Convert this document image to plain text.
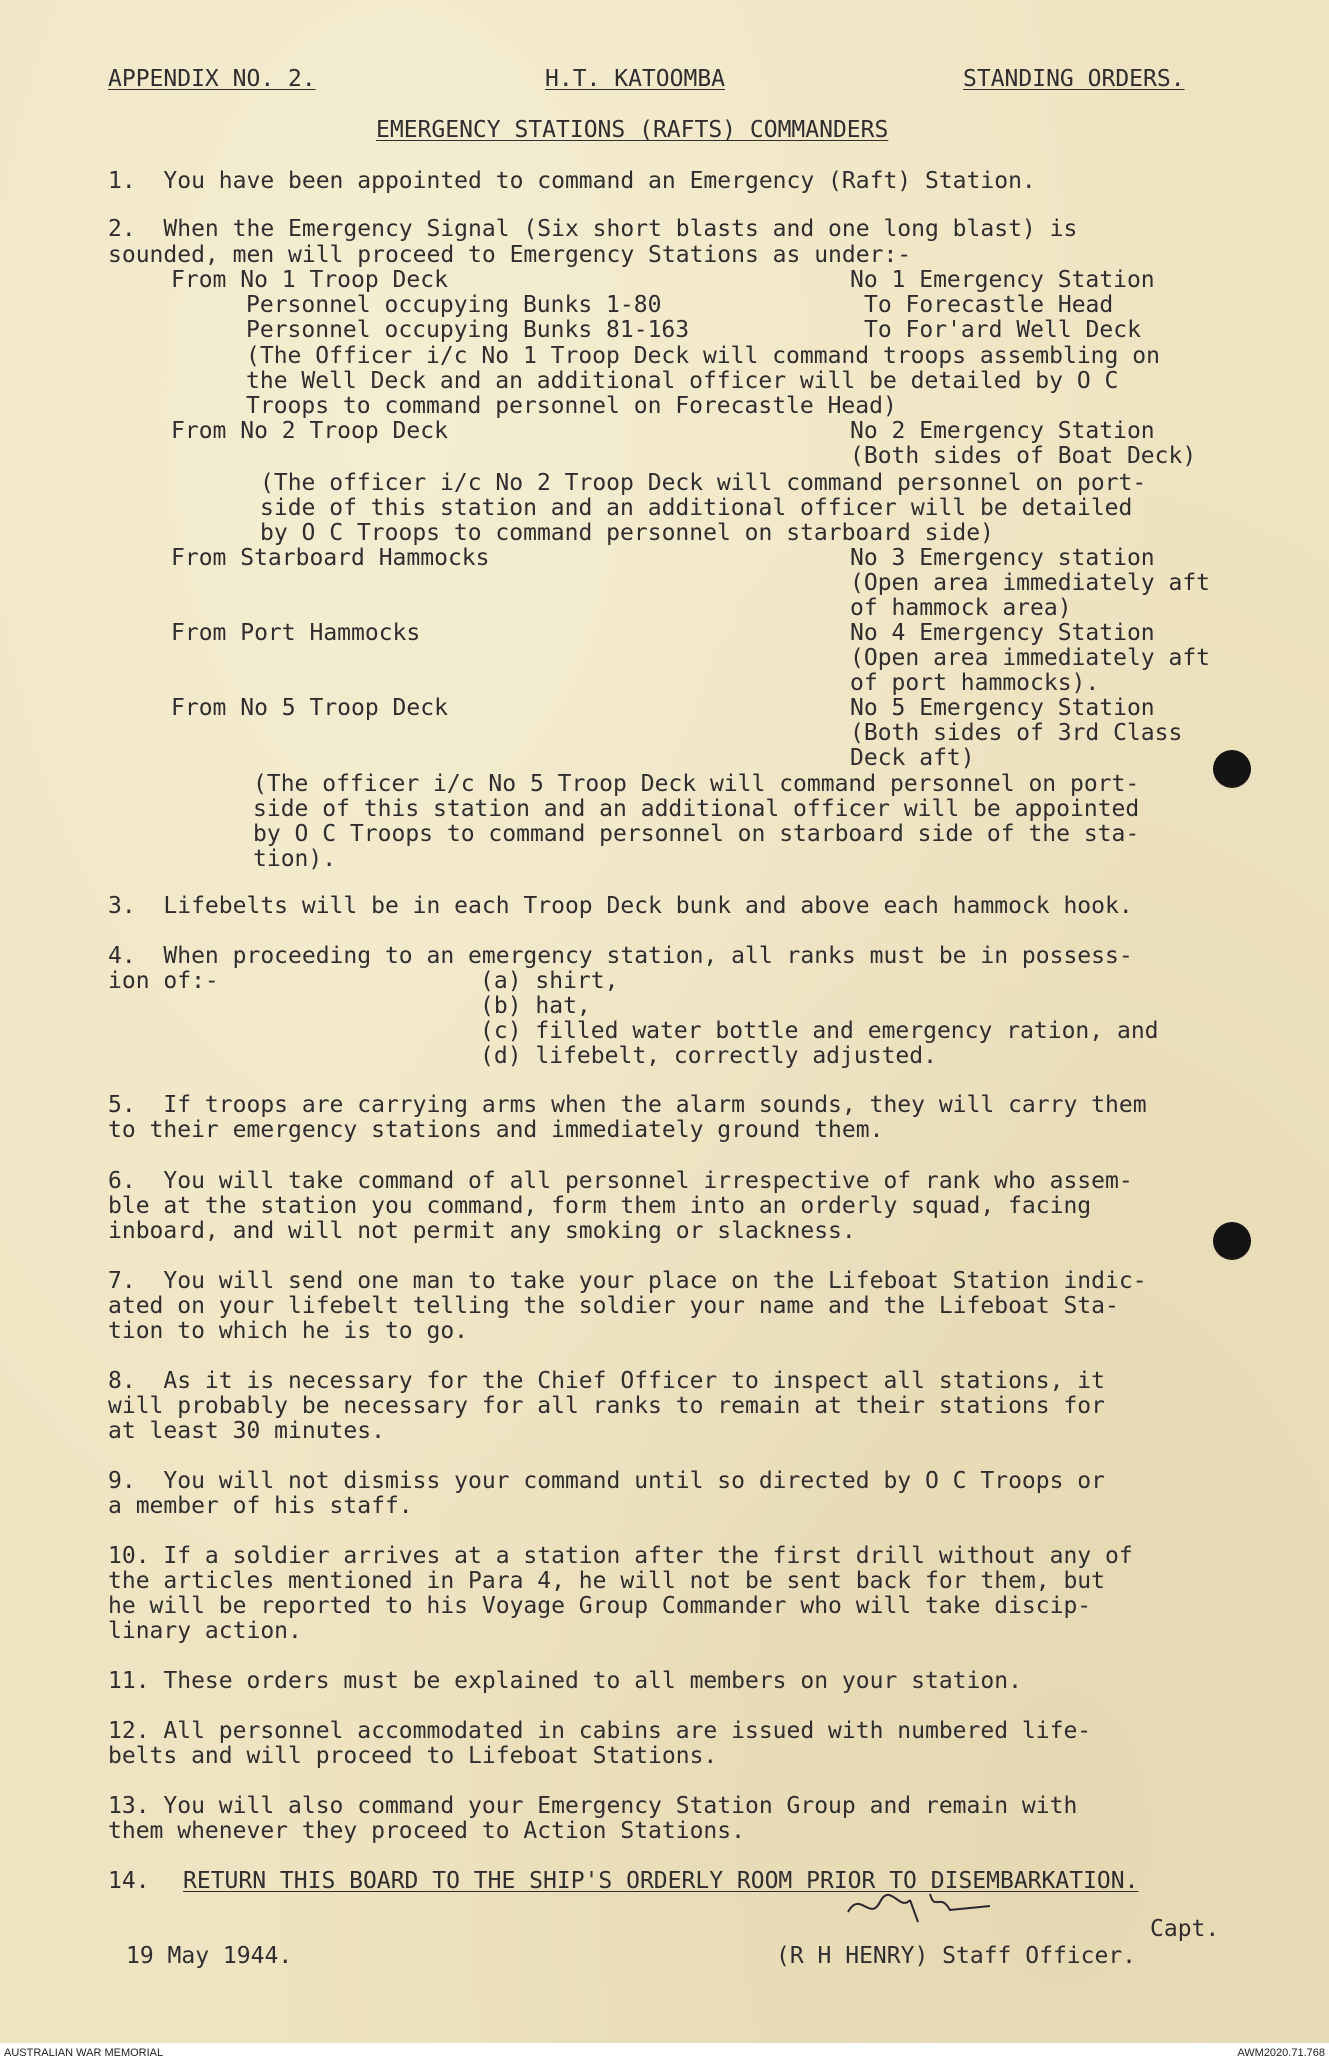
APPENDIX NO. 2.	H.T. KATOOMBA	STANDING ORDERS.
EMERGENCY STATIONS (RAFTS) COMMANDERS
1.  You have been appointed to command an Emergency (Raft) Station.
2.  When the Emergency Signal (Six short blasts and one long blast) is
sounded, men will proceed to Emergency Stations as under:-
From No 1 Troop Deck	No 1 Emergency Station
Personnel occupying Bunks 1-80	To Forecastle Head
Personnel occupying Bunks 81-163	To For'ard Well Deck
(The Officer i/c No 1 Troop Deck will command troops assembling on
the Well Deck and an additional officer will be detailed by O C
Troops to command personnel on Forecastle Head)
From No 2 Troop Deck	No 2 Emergency Station
(Both sides of Boat Deck)
(The officer i/c No 2 Troop Deck will command personnel on port-
side of this station and an additional officer will be detailed
by O C Troops to command personnel on starboard side)
From Starboard Hammocks	No 3 Emergency station
(Open area immediately aft
of hammock area)
From Port Hammocks	No 4 Emergency Station
(Open area immediately aft
of port hammocks).
From No 5 Troop Deck	No 5 Emergency Station
(Both sides of 3rd Class
Deck aft)
(The officer i/c No 5 Troop Deck will command personnel on port-
side of this station and an additional officer will be appointed
by O C Troops to command personnel on starboard side of the sta-
tion).
3.  Lifebelts will be in each Troop Deck bunk and above each hammock hook.
4.  When proceeding to an emergency station, all ranks must be in possess-
ion of:-	(a) shirt,
(b) hat,
(c) filled water bottle and emergency ration, and
(d) lifebelt, correctly adjusted.
5.  If troops are carrying arms when the alarm sounds, they will carry them
to their emergency stations and immediately ground them.
6.  You will take command of all personnel irrespective of rank who assem-
ble at the station you command, form them into an orderly squad, facing
inboard, and will not permit any smoking or slackness.
7.  You will send one man to take your place on the Lifeboat Station indic-
ated on your lifebelt telling the soldier your name and the Lifeboat Sta-
tion to which he is to go.
8.  As it is necessary for the Chief Officer to inspect all stations, it
will probably be necessary for all ranks to remain at their stations for
at least 30 minutes.
9.  You will not dismiss your command until so directed by O C Troops or
a member of his staff.
10. If a soldier arrives at a station after the first drill without any of
the articles mentioned in Para 4, he will not be sent back for them, but
he will be reported to his Voyage Group Commander who will take discip-
linary action.
11. These orders must be explained to all members on your station.
12. All personnel accommodated in cabins are issued with numbered life-
belts and will proceed to Lifeboat Stations.
13. You will also command your Emergency Station Group and remain with
them whenever they proceed to Action Stations.
14. RETURN THIS BOARD TO THE SHIP'S ORDERLY ROOM PRIOR TO DISEMBARKATION.
Capt.
19 May 1944.	(R H HENRY) Staff Officer.
AUSTRALIAN WAR MEMORIAL	AWM2020.71.768
